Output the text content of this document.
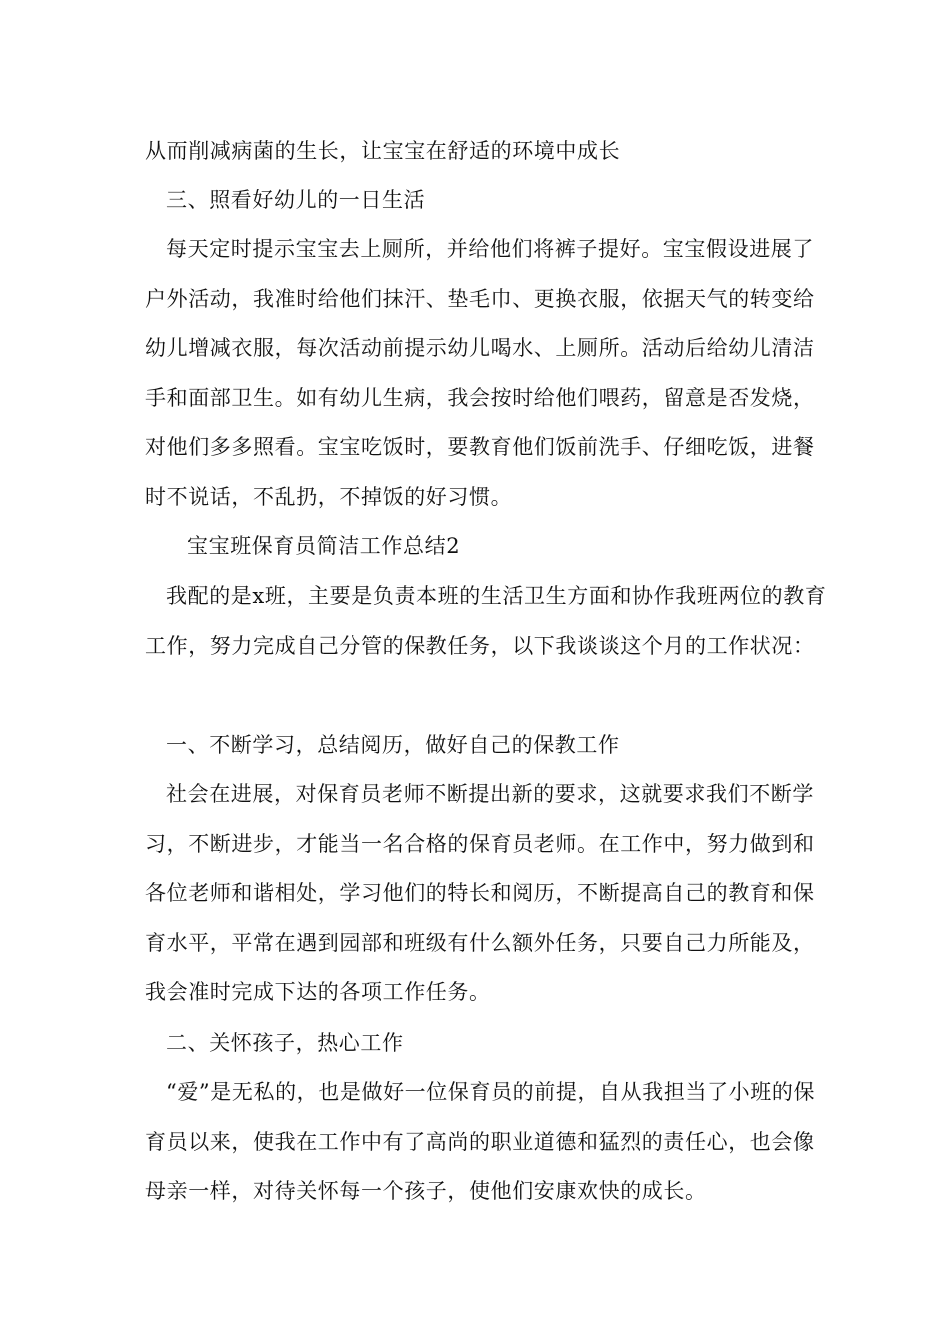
从而削减病菌的生长，让宝宝在舒适的环境中成长

三、照看好幼儿的一日生活

每天定时提示宝宝去上厕所，并给他们将裤子提好。宝宝假设进展了户外活动，我准时给他们抹汗、垫毛巾、更换衣服，依据天气的转变给幼儿增减衣服，每次活动前提示幼儿喝水、上厕所。活动后给幼儿清洁手和面部卫生。如有幼儿生病，我会按时给他们喂药，留意是否发烧，对他们多多照看。宝宝吃饭时，要教育他们饭前洗手、仔细吃饭，进餐时不说话，不乱扔，不掉饭的好习惯。

宝宝班保育员简洁工作总结2

我配的是x班，主要是负责本班的生活卫生方面和协作我班两位的教育工作，努力完成自己分管的保教任务，以下我谈谈这个月的工作状况：

一、不断学习，总结阅历，做好自己的保教工作

社会在进展，对保育员老师不断提出新的要求，这就要求我们不断学习，不断进步，才能当一名合格的保育员老师。在工作中，努力做到和各位老师和谐相处，学习他们的特长和阅历，不断提高自己的教育和保育水平，平常在遇到园部和班级有什么额外任务，只要自己力所能及，我会准时完成下达的各项工作任务。

二、关怀孩子，热心工作

“爱”是无私的，也是做好一位保育员的前提，自从我担当了小班的保育员以来，使我在工作中有了高尚的职业道德和猛烈的责任心，也会像母亲一样，对待关怀每一个孩子，使他们安康欢快的成长。
